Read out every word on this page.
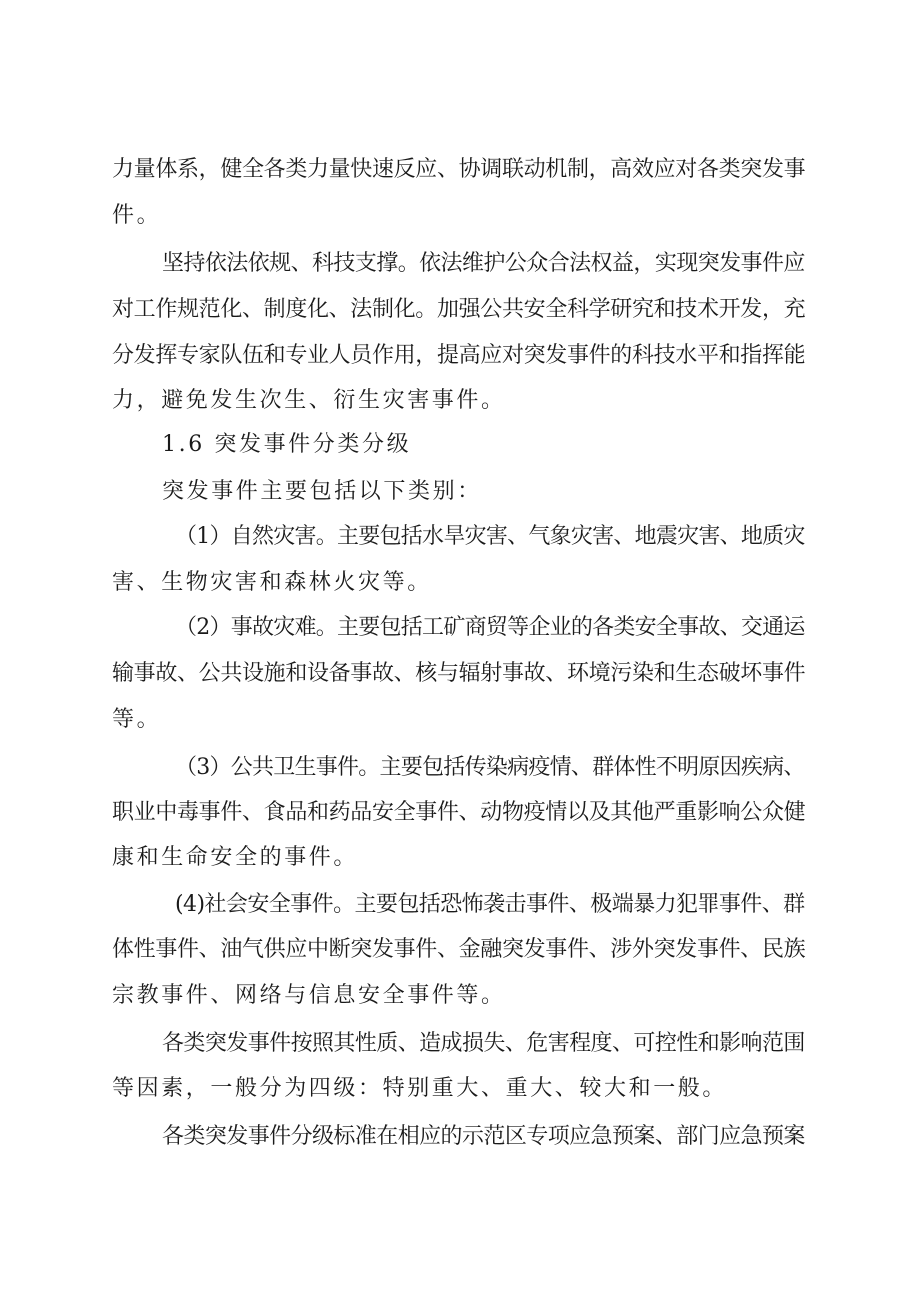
力量体系，健全各类力量快速反应、协调联动机制，高效应对各类突发事
件。
坚持依法依规、科技支撑。依法维护公众合法权益，实现突发事件应
对工作规范化、制度化、法制化。加强公共安全科学研究和技术开发，充
分发挥专家队伍和专业人员作用，提高应对突发事件的科技水平和指挥能
力，避免发生次生、衍生灾害事件。
1.6 突发事件分类分级
突发事件主要包括以下类别：
（1）自然灾害。主要包括水旱灾害、气象灾害、地震灾害、地质灾
害、生物灾害和森林火灾等。
（2）事故灾难。主要包括工矿商贸等企业的各类安全事故、交通运
输事故、公共设施和设备事故、核与辐射事故、环境污染和生态破坏事件
等。
（3）公共卫生事件。主要包括传染病疫情、群体性不明原因疾病、
职业中毒事件、食品和药品安全事件、动物疫情以及其他严重影响公众健
康和生命安全的事件。
(4)社会安全事件。主要包括恐怖袭击事件、极端暴力犯罪事件、群
体性事件、油气供应中断突发事件、金融突发事件、涉外突发事件、民族
宗教事件、网络与信息安全事件等。
各类突发事件按照其性质、造成损失、危害程度、可控性和影响范围
等因素，一般分为四级：特别重大、重大、较大和一般。
各类突发事件分级标准在相应的示范区专项应急预案、部门应急预案
